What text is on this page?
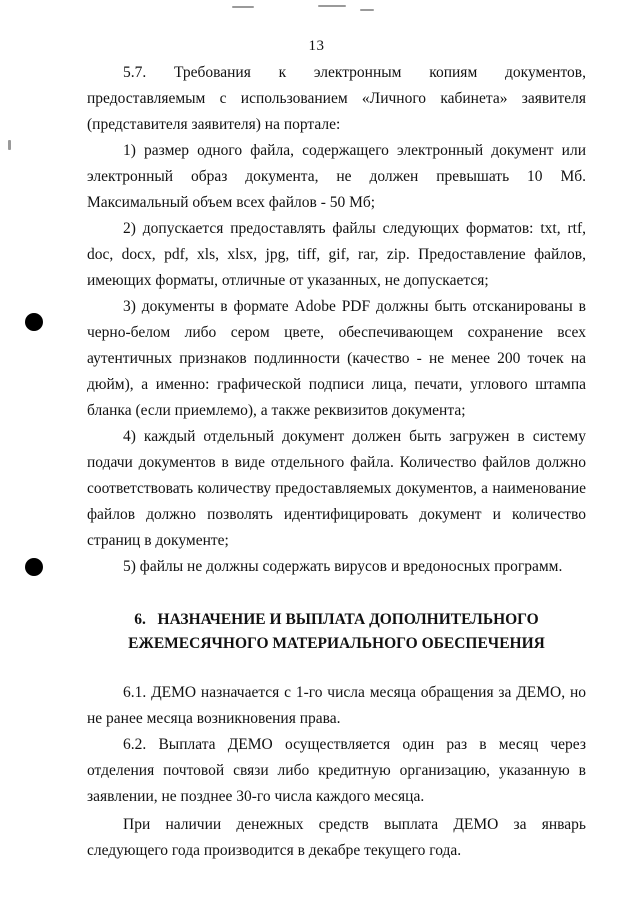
13

5.7. Требования к электронным копиям документов, предоставляемым с использованием «Личного кабинета» заявителя (представителя заявителя) на портале:

1) размер одного файла, содержащего электронный документ или электронный образ документа, не должен превышать 10 Мб. Максимальный объем всех файлов - 50 Мб;

2) допускается предоставлять файлы следующих форматов: txt, rtf, doc, docx, pdf, xls, xlsx, jpg, tiff, gif, rar, zip. Предоставление файлов, имеющих форматы, отличные от указанных, не допускается;

3) документы в формате Adobe PDF должны быть отсканированы в черно-белом либо сером цвете, обеспечивающем сохранение всех аутентичных признаков подлинности (качество - не менее 200 точек на дюйм), а именно: графической подписи лица, печати, углового штампа бланка (если приемлемо), а также реквизитов документа;

4) каждый отдельный документ должен быть загружен в систему подачи документов в виде отдельного файла. Количество файлов должно соответствовать количеству предоставляемых документов, а наименование файлов должно позволять идентифицировать документ и количество страниц в документе;

5) файлы не должны содержать вирусов и вредоносных программ.

6.   НАЗНАЧЕНИЕ И ВЫПЛАТА ДОПОЛНИТЕЛЬНОГО
ЕЖЕМЕСЯЧНОГО МАТЕРИАЛЬНОГО ОБЕСПЕЧЕНИЯ

6.1. ДЕМО назначается с 1-го числа месяца обращения за ДЕМО, но не ранее месяца возникновения права.

6.2. Выплата ДЕМО осуществляется один раз в месяц через отделения почтовой связи либо кредитную организацию, указанную в заявлении, не позднее 30-го числа каждого месяца.

При наличии денежных средств выплата ДЕМО за январь следующего года производится в декабре текущего года.
